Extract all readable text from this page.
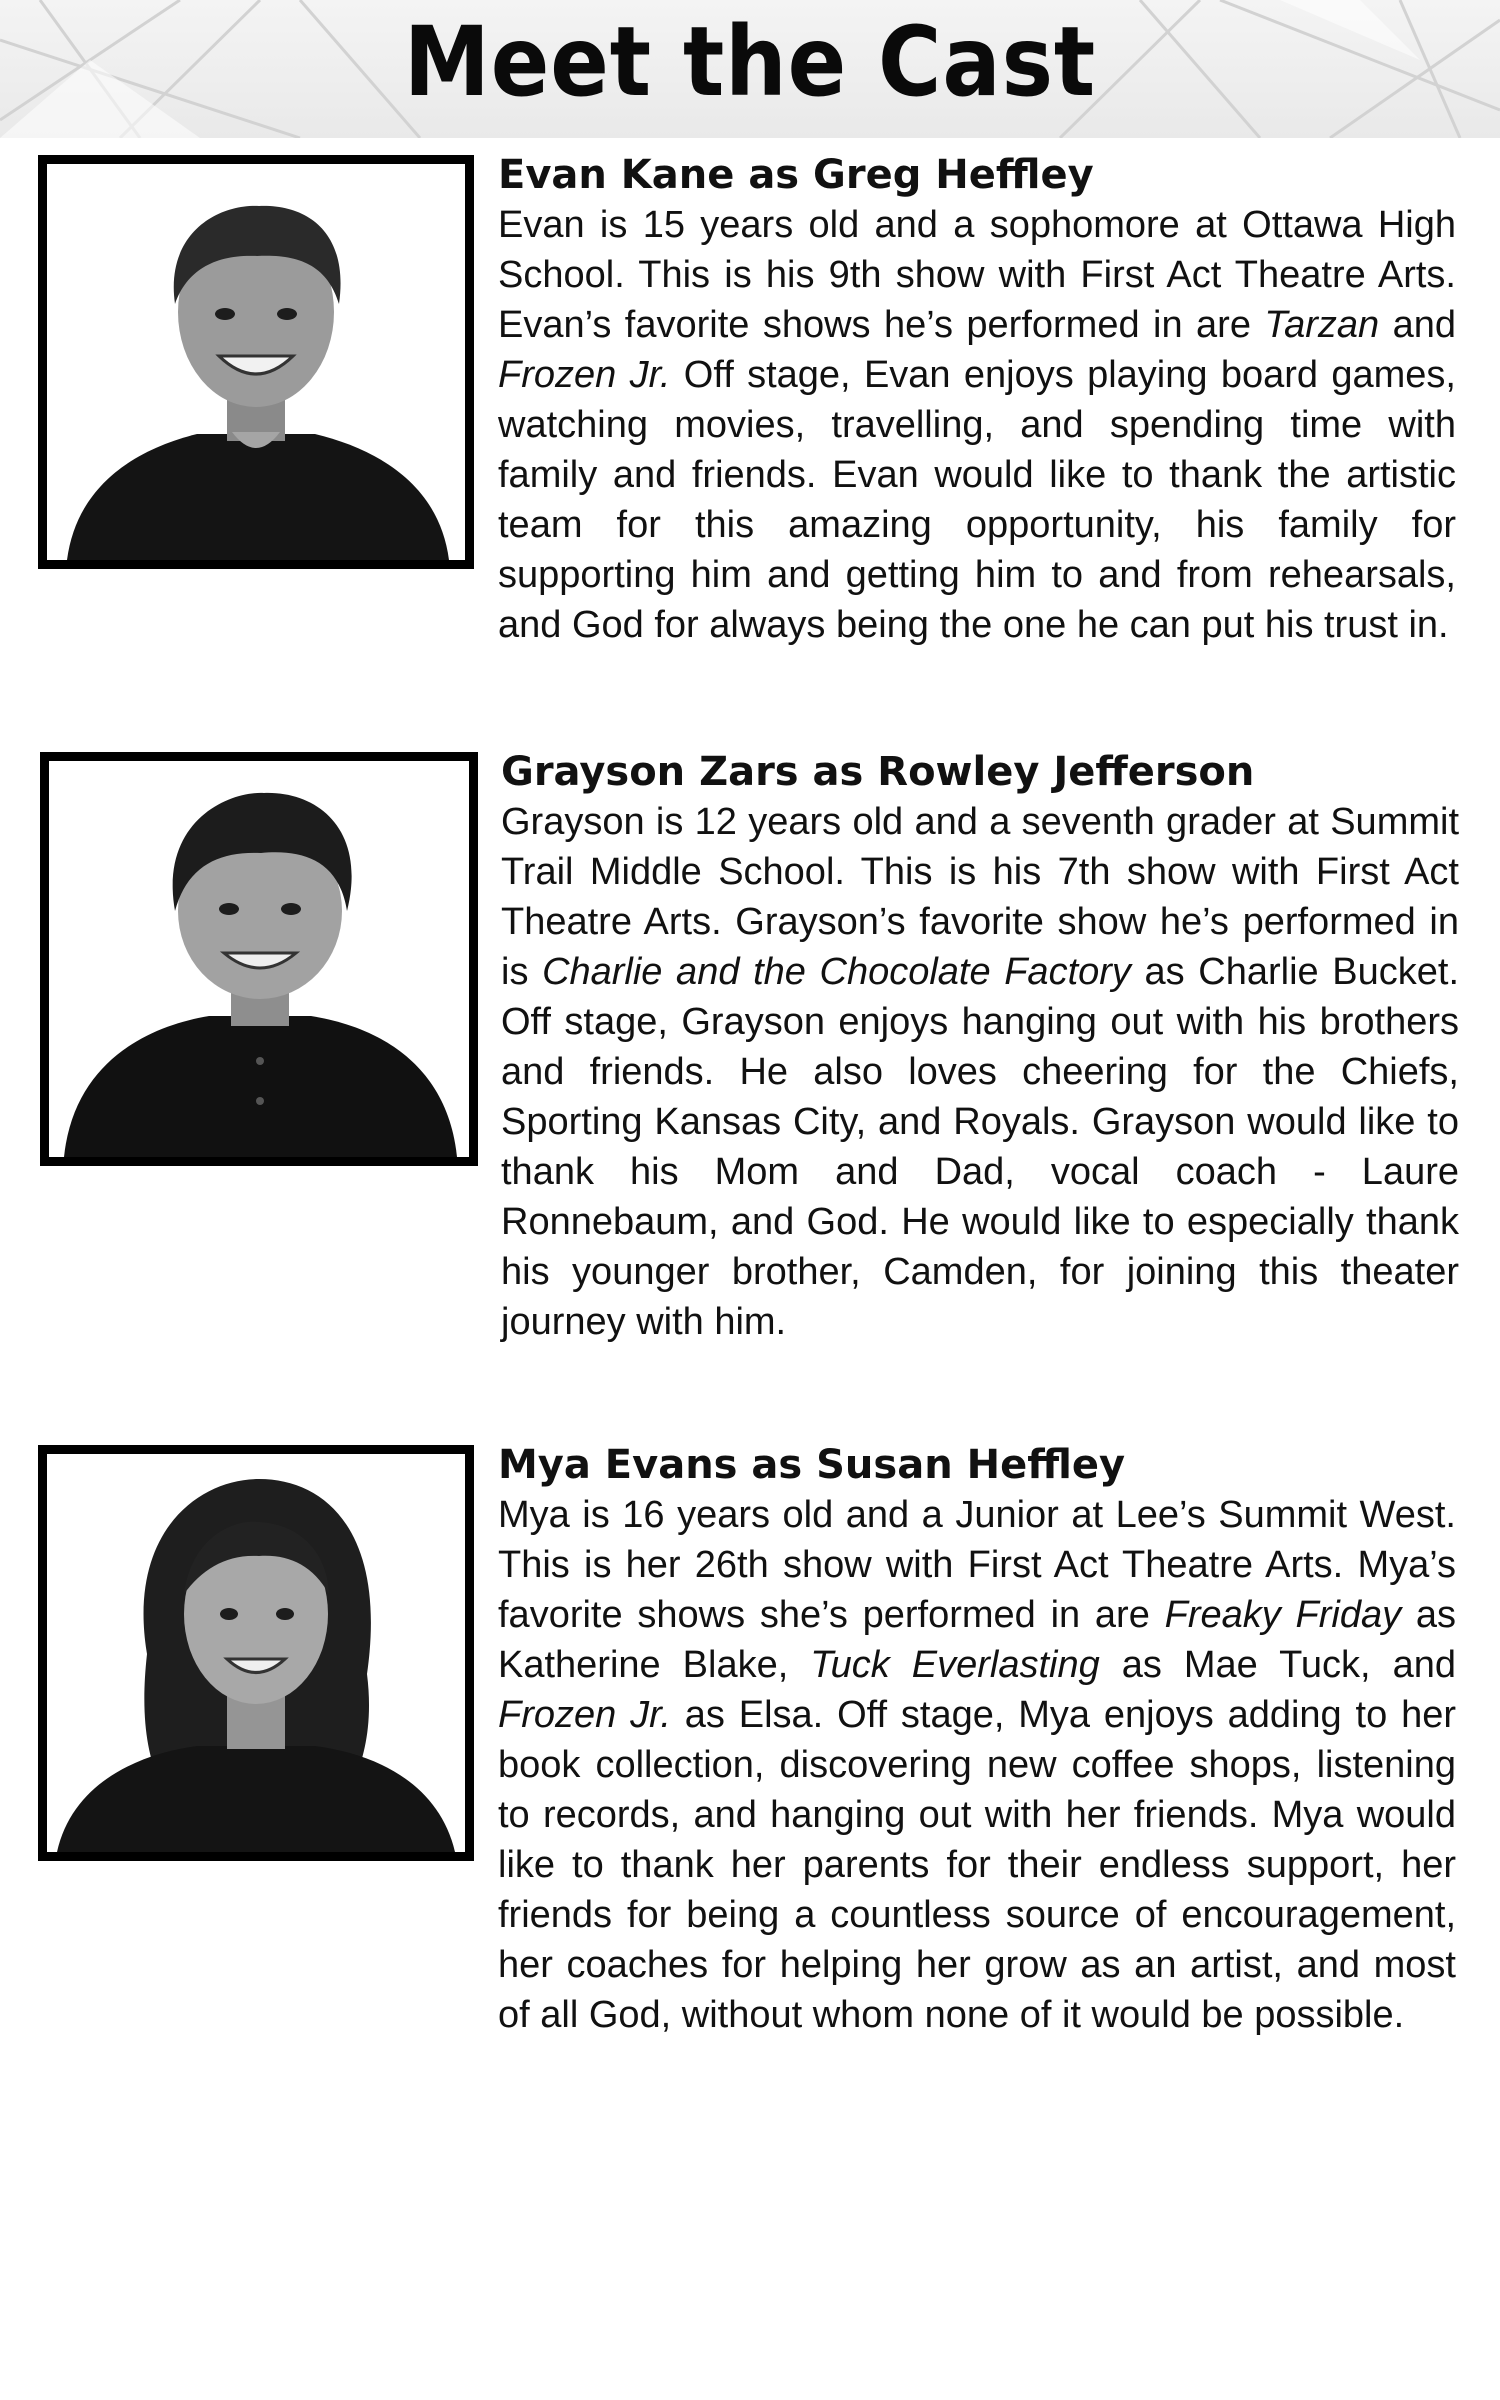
Meet the Cast
Evan Kane as Greg Heffley
Evan is 15 years old and a sophomore at Ottawa High School. This is his 9th show with First Act Theatre Arts. Evan’s favorite shows he’s performed in are Tarzan and Frozen Jr. Off stage, Evan enjoys playing board games, watching movies, travelling, and spending time with family and friends. Evan would like to thank the artistic team for this amazing opportunity, his family for supporting him and getting him to and from rehearsals, and God for always being the one he can put his trust in.
Grayson Zars as Rowley Jefferson
Grayson is 12 years old and a seventh grader at Summit Trail Middle School. This is his 7th show with First Act Theatre Arts. Grayson’s favorite show he’s performed in is Charlie and the Chocolate Factory as Charlie Bucket. Off stage, Grayson enjoys hanging out with his brothers and friends. He also loves cheering for the Chiefs, Sporting Kansas City, and Royals. Grayson would like to thank his Mom and Dad, vocal coach - Laure Ronnebaum, and God. He would like to especially thank his younger brother, Camden, for joining this theater journey with him.
Mya Evans as Susan Heffley
Mya is 16 years old and a Junior at Lee’s Summit West. This is her 26th show with First Act Theatre Arts. Mya’s favorite shows she’s performed in are Freaky Friday as Katherine Blake, Tuck Everlasting as Mae Tuck, and Frozen Jr. as Elsa. Off stage, Mya enjoys adding to her book collection, discovering new coffee shops, listening to records, and hanging out with her friends. Mya would like to thank her parents for their endless support, her friends for being a countless source of encouragement, her coaches for helping her grow as an artist, and most of all God, without whom none of it would be possible.
